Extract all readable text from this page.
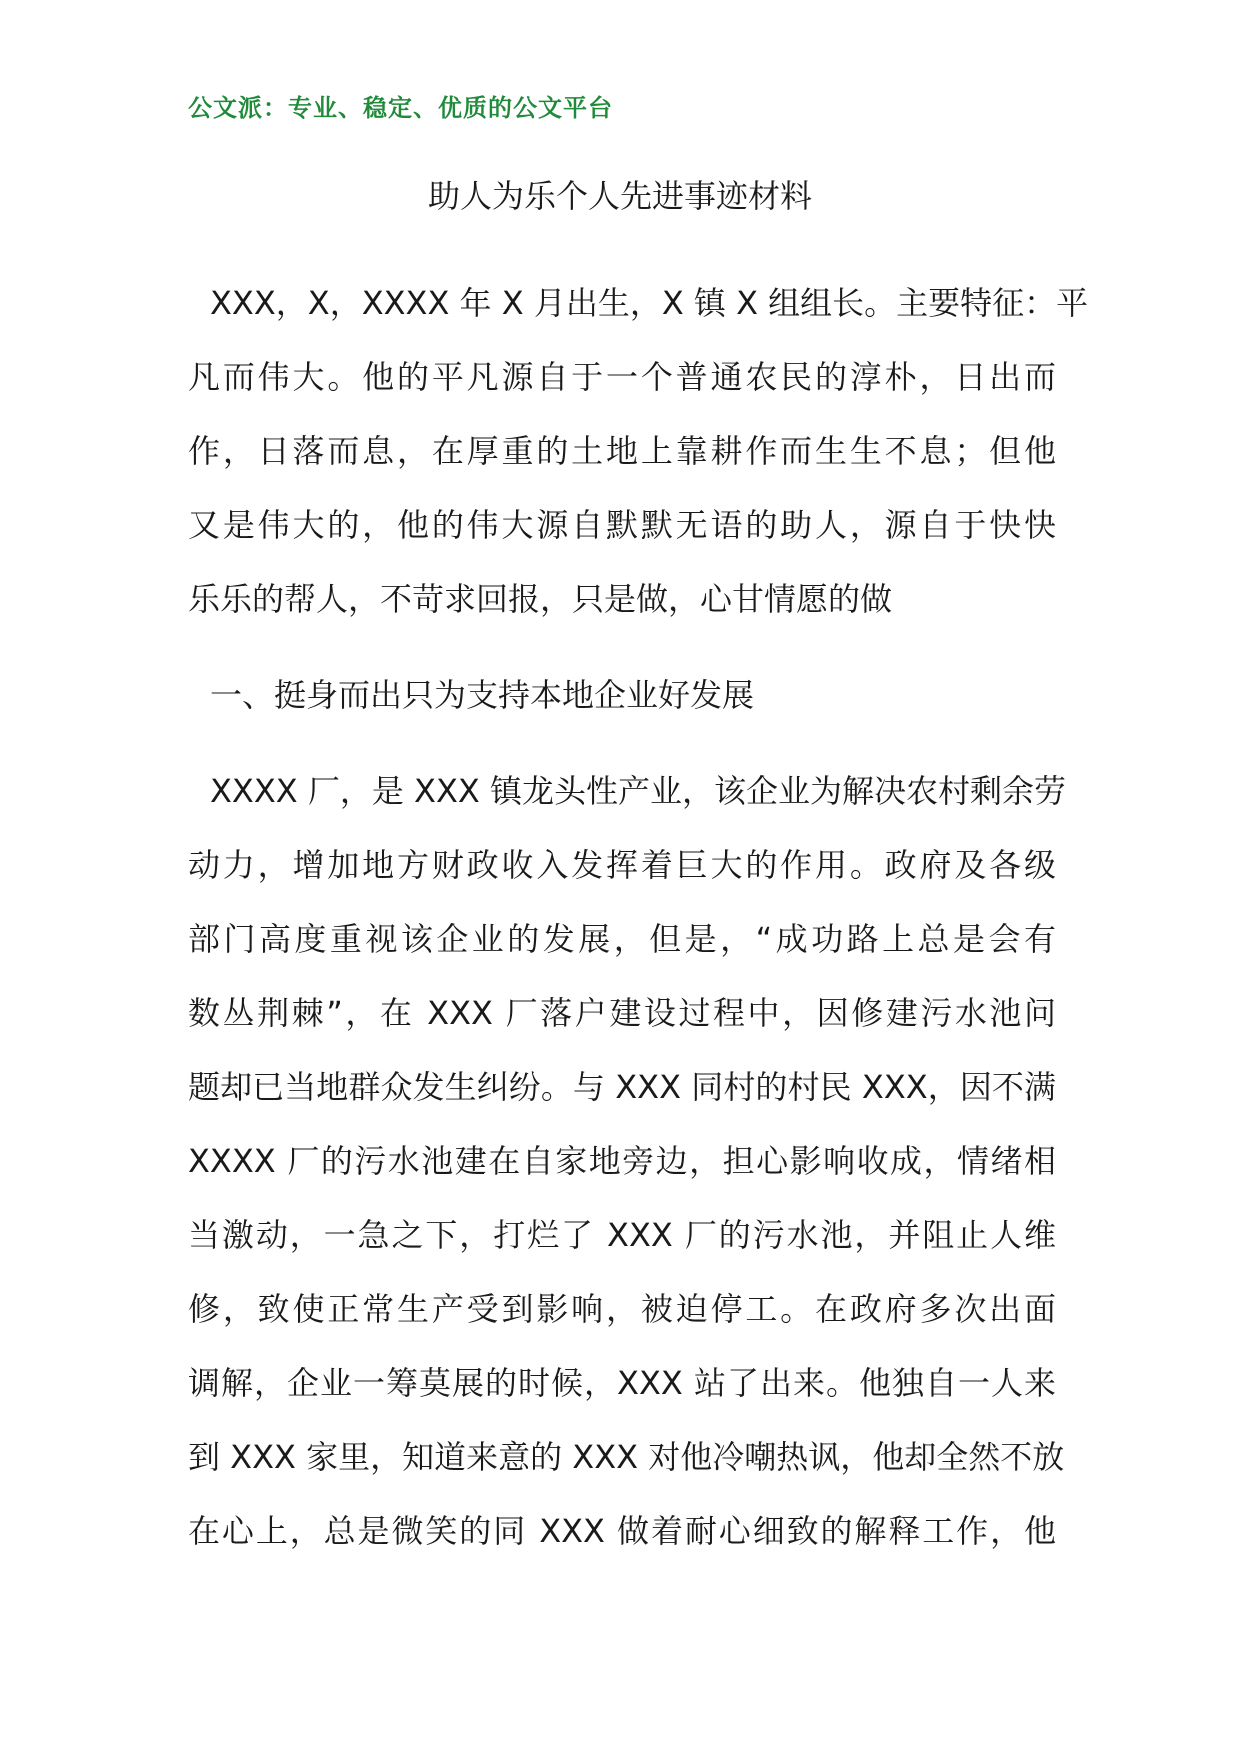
公文派：专业、稳定、优质的公文平台
助人为乐个人先进事迹材料
XXX，X，XXXX 年 X 月出生，X 镇 X 组组长。主要特征：平
凡而伟大。他的平凡源自于一个普通农民的淳朴，日出而
作，日落而息，在厚重的土地上靠耕作而生生不息；但他
又是伟大的，他的伟大源自默默无语的助人，源自于快快
乐乐的帮人，不苛求回报，只是做，心甘情愿的做
一、挺身而出只为支持本地企业好发展
XXXX 厂，是 XXX 镇龙头性产业，该企业为解决农村剩余劳
动力，增加地方财政收入发挥着巨大的作用。政府及各级
部门高度重视该企业的发展，但是，“成功路上总是会有
数丛荆棘”，在 XXX 厂落户建设过程中，因修建污水池问
题却已当地群众发生纠纷。与 XXX 同村的村民 XXX，因不满
XXXX 厂的污水池建在自家地旁边，担心影响收成，情绪相
当激动，一急之下，打烂了 XXX 厂的污水池，并阻止人维
修，致使正常生产受到影响，被迫停工。在政府多次出面
调解，企业一筹莫展的时候，XXX 站了出来。他独自一人来
到 XXX 家里，知道来意的 XXX 对他冷嘲热讽，他却全然不放
在心上，总是微笑的同 XXX 做着耐心细致的解释工作，他
